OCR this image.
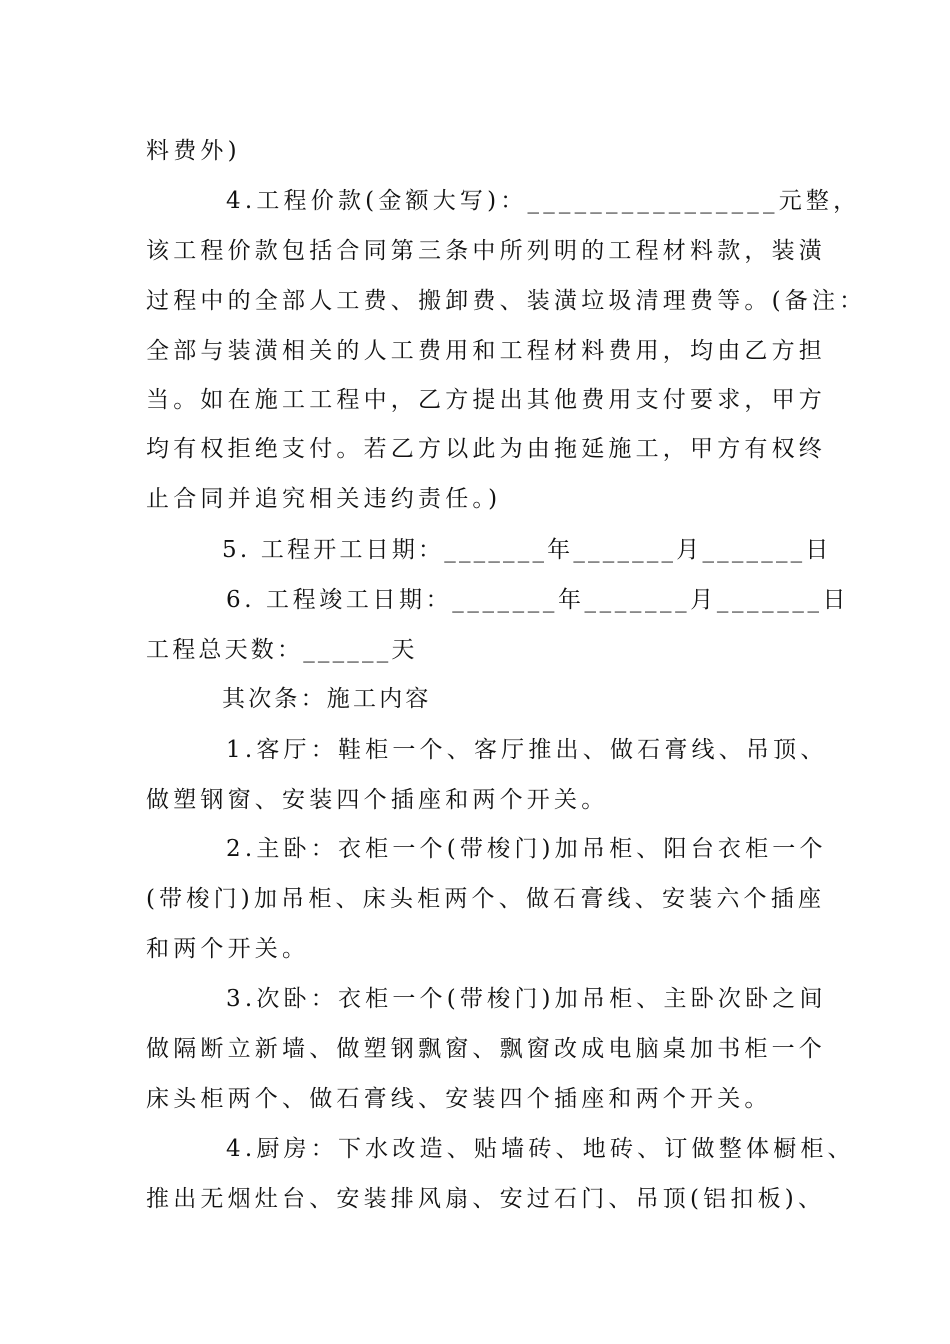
料费外)
4.工程价款(金额大写)：________________元整，
该工程价款包括合同第三条中所列明的工程材料款，装潢
过程中的全部人工费、搬卸费、装潢垃圾清理费等。(备注：
全部与装潢相关的人工费用和工程材料费用，均由乙方担
当。如在施工工程中，乙方提出其他费用支付要求，甲方
均有权拒绝支付。若乙方以此为由拖延施工，甲方有权终
止合同并追究相关违约责任。)
5. 工程开工日期：_______年_______月_______日
6. 工程竣工日期：_______年_______月_______日
工程总天数：______天
其次条：施工内容
1.客厅：鞋柜一个、客厅推出、做石膏线、吊顶、
做塑钢窗、安装四个插座和两个开关。
2.主卧：衣柜一个(带梭门)加吊柜、阳台衣柜一个
(带梭门)加吊柜、床头柜两个、做石膏线、安装六个插座
和两个开关。
3.次卧：衣柜一个(带梭门)加吊柜、主卧次卧之间
做隔断立新墙、做塑钢飘窗、飘窗改成电脑桌加书柜一个
床头柜两个、做石膏线、安装四个插座和两个开关。
4.厨房：下水改造、贴墙砖、地砖、订做整体橱柜、
推出无烟灶台、安装排风扇、安过石门、吊顶(铝扣板)、
